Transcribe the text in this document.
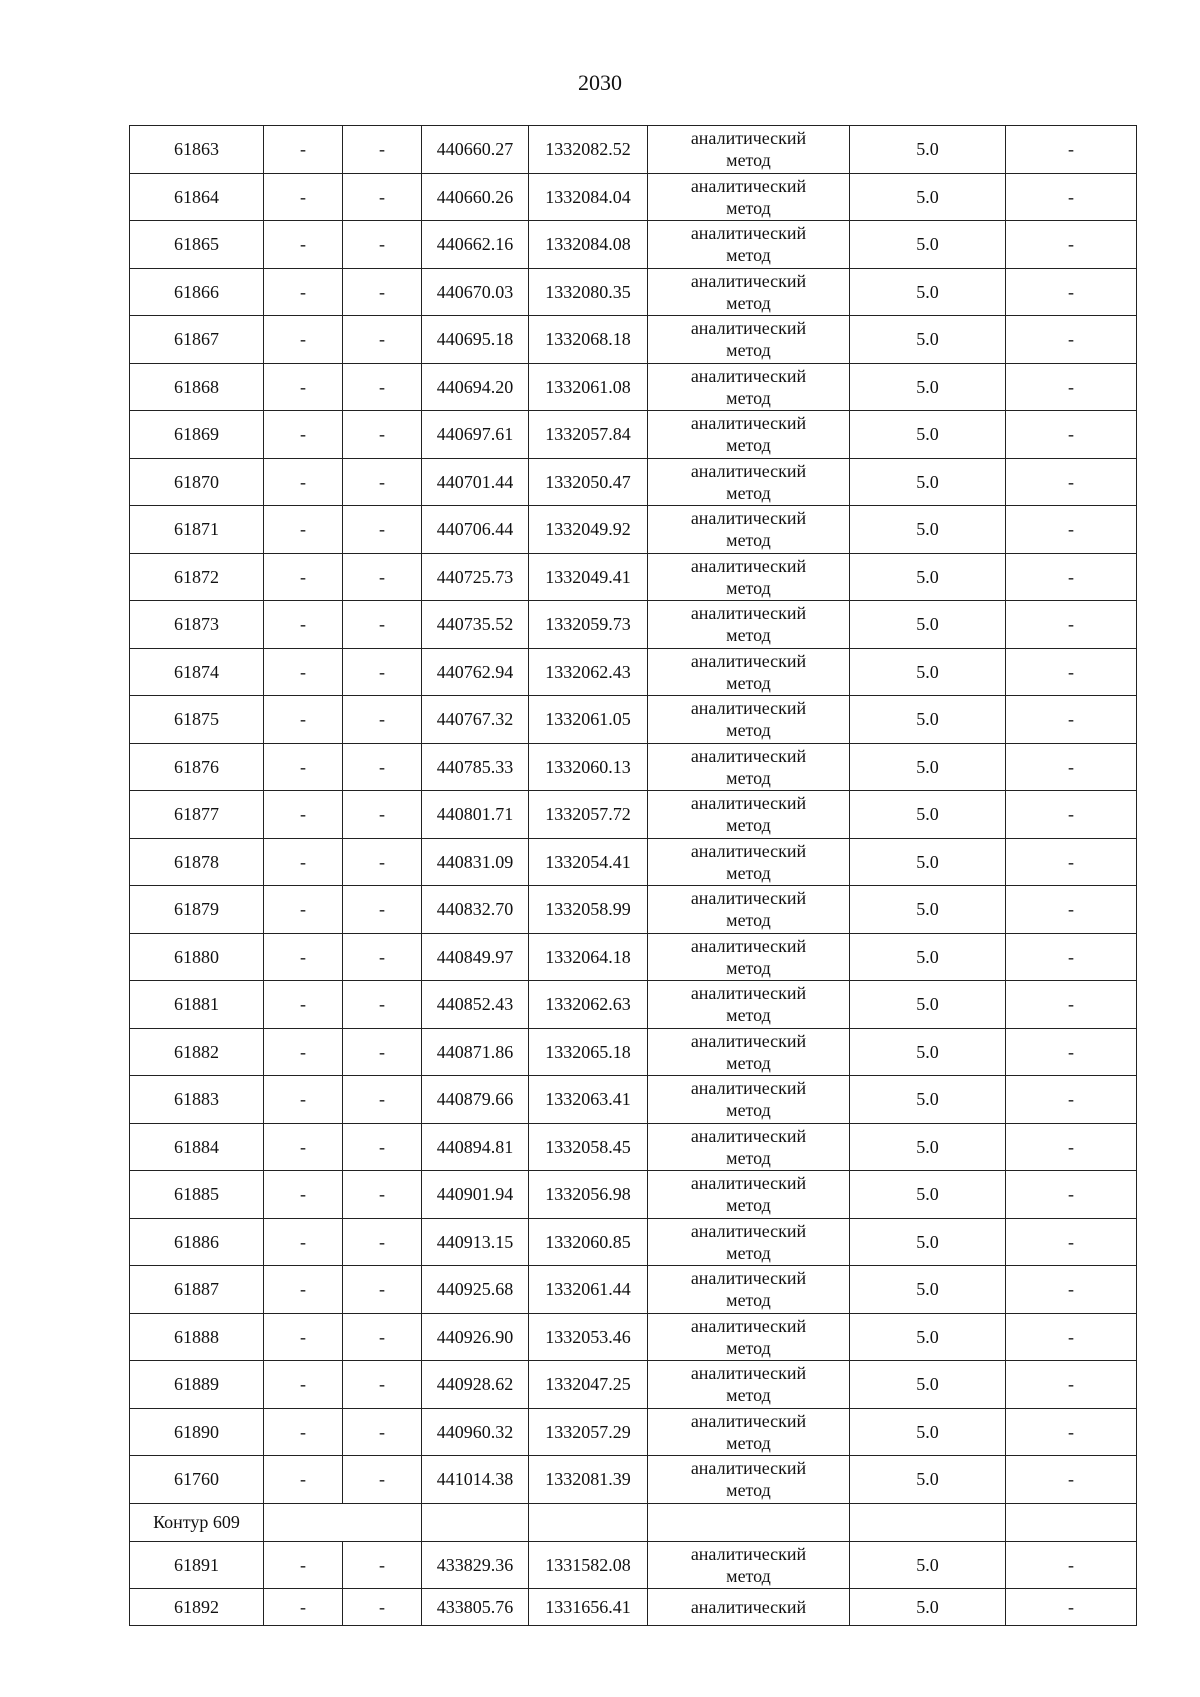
2030
61863	-	-	440660.27	1332082.52	аналитический
метод	5.0	-
61864	-	-	440660.26	1332084.04	аналитический
метод	5.0	-
61865	-	-	440662.16	1332084.08	аналитический
метод	5.0	-
61866	-	-	440670.03	1332080.35	аналитический
метод	5.0	-
61867	-	-	440695.18	1332068.18	аналитический
метод	5.0	-
61868	-	-	440694.20	1332061.08	аналитический
метод	5.0	-
61869	-	-	440697.61	1332057.84	аналитический
метод	5.0	-
61870	-	-	440701.44	1332050.47	аналитический
метод	5.0	-
61871	-	-	440706.44	1332049.92	аналитический
метод	5.0	-
61872	-	-	440725.73	1332049.41	аналитический
метод	5.0	-
61873	-	-	440735.52	1332059.73	аналитический
метод	5.0	-
61874	-	-	440762.94	1332062.43	аналитический
метод	5.0	-
61875	-	-	440767.32	1332061.05	аналитический
метод	5.0	-
61876	-	-	440785.33	1332060.13	аналитический
метод	5.0	-
61877	-	-	440801.71	1332057.72	аналитический
метод	5.0	-
61878	-	-	440831.09	1332054.41	аналитический
метод	5.0	-
61879	-	-	440832.70	1332058.99	аналитический
метод	5.0	-
61880	-	-	440849.97	1332064.18	аналитический
метод	5.0	-
61881	-	-	440852.43	1332062.63	аналитический
метод	5.0	-
61882	-	-	440871.86	1332065.18	аналитический
метод	5.0	-
61883	-	-	440879.66	1332063.41	аналитический
метод	5.0	-
61884	-	-	440894.81	1332058.45	аналитический
метод	5.0	-
61885	-	-	440901.94	1332056.98	аналитический
метод	5.0	-
61886	-	-	440913.15	1332060.85	аналитический
метод	5.0	-
61887	-	-	440925.68	1332061.44	аналитический
метод	5.0	-
61888	-	-	440926.90	1332053.46	аналитический
метод	5.0	-
61889	-	-	440928.62	1332047.25	аналитический
метод	5.0	-
61890	-	-	440960.32	1332057.29	аналитический
метод	5.0	-
61760	-	-	441014.38	1332081.39	аналитический
метод	5.0	-
Контур 609							
61891	-	-	433829.36	1331582.08	аналитический
метод	5.0	-
61892	-	-	433805.76	1331656.41	аналитический	5.0	-
